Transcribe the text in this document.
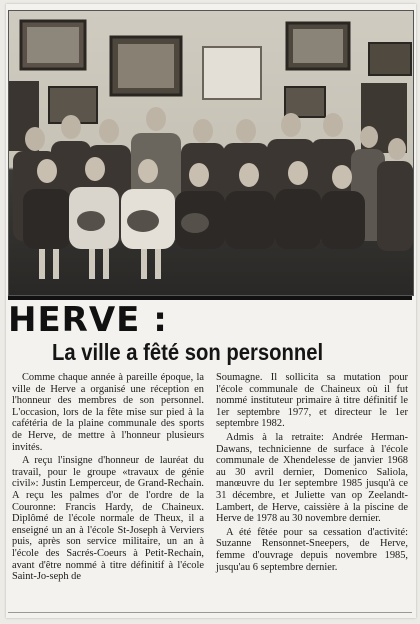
HERVE :
La ville a fêté son personnel

Comme chaque année à pareille époque, la ville de Herve a organisé une réception en l'honneur des membres de son personnel. L'occasion, lors de la fête mise sur pied à la cafétéria de la plaine communale des sports de Herve, de mettre à l'honneur plusieurs invités.

A reçu l'insigne d'honneur de lauréat du travail, pour le groupe «travaux de génie civil»: Justin Lemperceur, de Grand-Rechain. A reçu les palmes d'or de l'ordre de la Couronne: Francis Hardy, de Chaineux. Diplômé de l'école normale de Theux, il a enseigné un an à l'école St-Joseph à Verviers puis, après son service militaire, un an à l'école des Sacrés-Coeurs à Petit-Rechain, avant d'être nommé à titre définitif à l'école Saint-Jo-seph de

Soumagne. Il sollicita sa mutation pour l'école communale de Chaineux où il fut nommé instituteur primaire à titre définitif le 1er septembre 1977, et directeur le 1er septembre 1982.

Admis à la retraite: Andrée Herman-Dawans, technicienne de surface à l'école communale de Xhendelesse de janvier 1968 au 30 avril dernier, Domenico Saliola, manœuvre du 1er septembre 1985 jusqu'à ce 31 décembre, et Juliette van op Zeelandt-Lambert, de Herve, caissière à la piscine de Herve de 1978 au 30 novembre dernier.

A été fêtée pour sa cessation d'activité: Suzanne Rensonnet-Sneepers, de Herve, femme d'ouvrage depuis novembre 1985, jusqu'au 6 septembre dernier.
